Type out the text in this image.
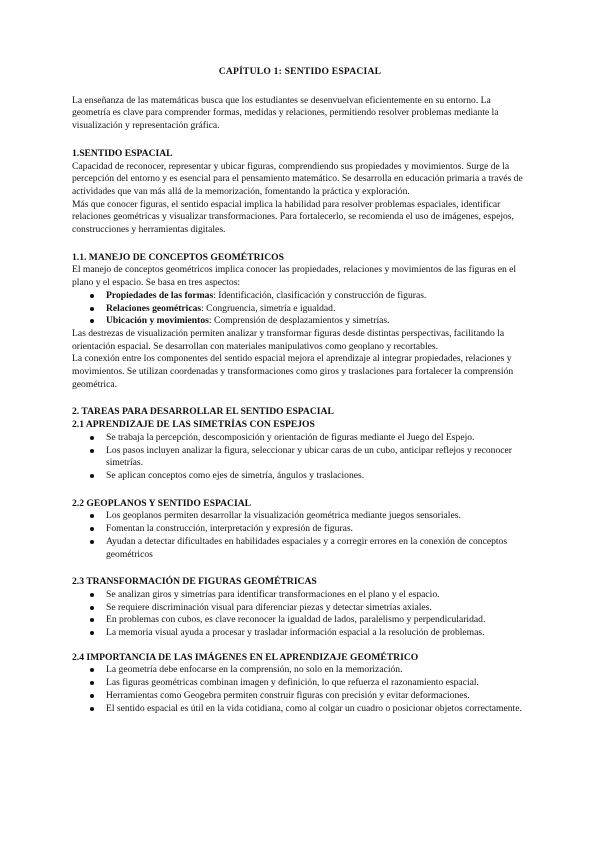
CAPÍTULO 1: SENTIDO ESPACIAL

La enseñanza de las matemáticas busca que los estudiantes se desenvuelvan eficientemente en su entorno. La geometría es clave para comprender formas, medidas y relaciones, permitiendo resolver problemas mediante la visualización y representación gráfica.

1.SENTIDO ESPACIAL

Capacidad de reconocer, representar y ubicar figuras, comprendiendo sus propiedades y movimientos. Surge de la percepción del entorno y es esencial para el pensamiento matemático. Se desarrolla en educación primaria a través de actividades que van más allá de la memorización, fomentando la práctica y exploración.

Más que conocer figuras, el sentido espacial implica la habilidad para resolver problemas espaciales, identificar relaciones geométricas y visualizar transformaciones. Para fortalecerlo, se recomienda el uso de imágenes, espejos, construcciones y herramientas digitales.

1.1. MANEJO DE CONCEPTOS GEOMÉTRICOS

El manejo de conceptos geométricos implica conocer las propiedades, relaciones y movimientos de las figuras en el plano y el espacio. Se basa en tres aspectos:

Propiedades de las formas: Identificación, clasificación y construcción de figuras.
Relaciones geométricas: Congruencia, simetría e igualdad.
Ubicación y movimientos: Comprensión de desplazamientos y simetrías.

Las destrezas de visualización permiten analizar y transformar figuras desde distintas perspectivas, facilitando la orientación espacial. Se desarrollan con materiales manipulativos como geoplano y recortables.

La conexión entre los componentes del sentido espacial mejora el aprendizaje al integrar propiedades, relaciones y movimientos. Se utilizan coordenadas y transformaciones como giros y traslaciones para fortalecer la comprensión geométrica.

2. TAREAS PARA DESARROLLAR EL SENTIDO ESPACIAL

2.1 APRENDIZAJE DE LAS SIMETRÍAS CON ESPEJOS

Se trabaja la percepción, descomposición y orientación de figuras mediante el Juego del Espejo.
Los pasos incluyen analizar la figura, seleccionar y ubicar caras de un cubo, anticipar reflejos y reconocer simetrías.
Se aplican conceptos como ejes de simetría, ángulos y traslaciones.

2.2 GEOPLANOS Y SENTIDO ESPACIAL

Los geoplanos permiten desarrollar la visualización geométrica mediante juegos sensoriales.
Fomentan la construcción, interpretación y expresión de figuras.
Ayudan a detectar dificultades en habilidades espaciales y a corregir errores en la conexión de conceptos geométricos

2.3 TRANSFORMACIÓN DE FIGURAS GEOMÉTRICAS

Se analizan giros y simetrías para identificar transformaciones en el plano y el espacio.
Se requiere discriminación visual para diferenciar piezas y detectar simetrías axiales.
En problemas con cubos, es clave reconocer la igualdad de lados, paralelismo y perpendicularidad.
La memoria visual ayuda a procesar y trasladar información espacial a la resolución de problemas.

2.4 IMPORTANCIA DE LAS IMÁGENES EN EL APRENDIZAJE GEOMÉTRICO

La geometría debe enfocarse en la comprensión, no solo en la memorización.
Las figuras geométricas combinan imagen y definición, lo que refuerza el razonamiento espacial.
Herramientas como Geogebra permiten construir figuras con precisión y evitar deformaciones.
El sentido espacial es útil en la vida cotidiana, como al colgar un cuadro o posicionar objetos correctamente.
